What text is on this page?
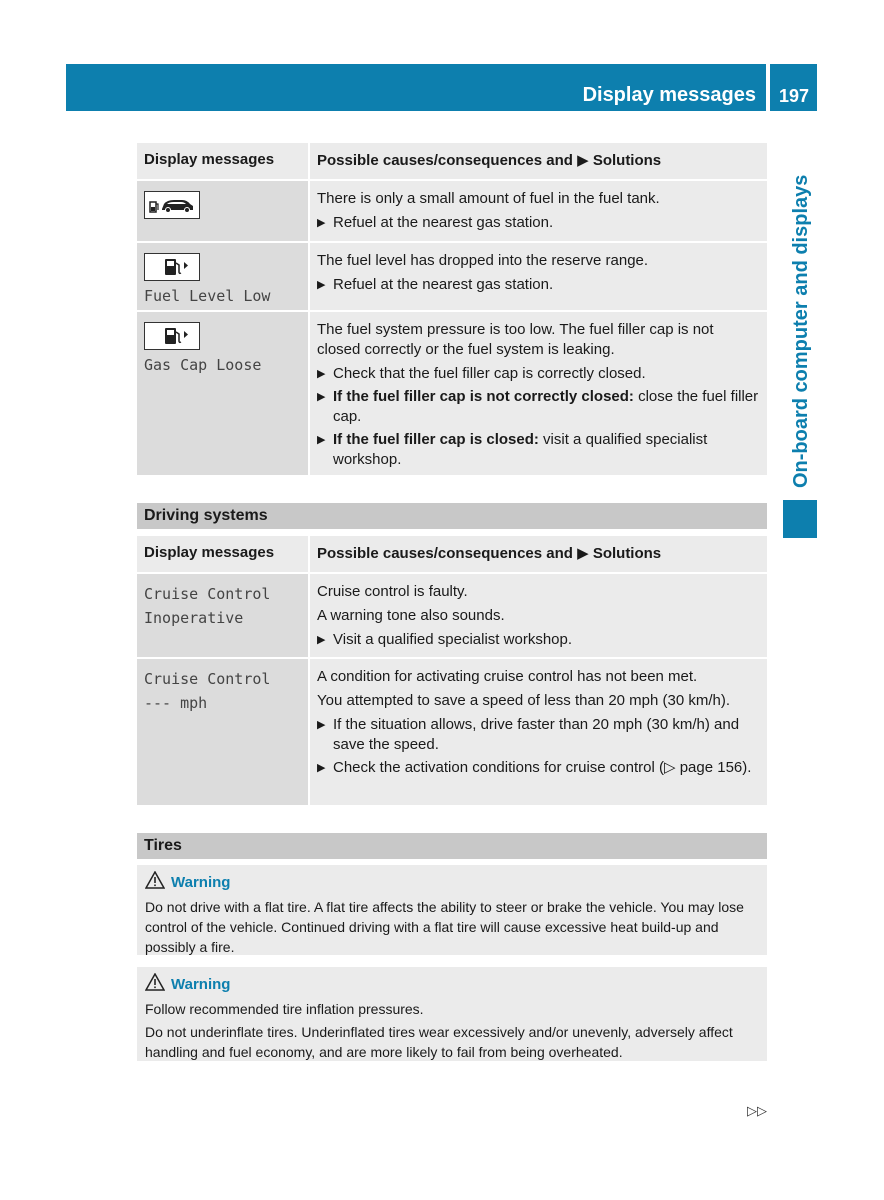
Display messages 197
On-board computer and displays
Display messages	Possible causes/consequences and ▶ Solutions

There is only a small amount of fuel in the fuel tank.

▶ Refuel at the nearest gas station.
Fuel Level Low

The fuel level has dropped into the reserve range.

▶ Refuel at the nearest gas station.
Gas Cap Loose

The fuel system pressure is too low. The fuel filler cap is not closed correctly or the fuel system is leaking.

▶ Check that the fuel filler cap is correctly closed.
▶ If the fuel filler cap is not correctly closed: close the fuel filler cap.
▶ If the fuel filler cap is closed: visit a qualified specialist workshop.
Driving systems
Display messages	Possible causes/consequences and ▶ Solutions
Cruise Control
Inoperative

Cruise control is faulty.

A warning tone also sounds.

▶ Visit a qualified specialist workshop.
Cruise Control
--- mph

A condition for activating cruise control has not been met.

You attempted to save a speed of less than 20 mph (30 km/h).

▶ If the situation allows, drive faster than 20 mph (30 km/h) and save the speed.
▶ Check the activation conditions for cruise control (▷ page 156).
Tires
Warning

Do not drive with a flat tire. A flat tire affects the ability to steer or brake the vehicle. You may lose control of the vehicle. Continued driving with a flat tire will cause excessive heat build-up and possibly a fire.

Warning

Follow recommended tire inflation pressures.

Do not underinflate tires. Underinflated tires wear excessively and/or unevenly, adversely affect handling and fuel economy, and are more likely to fail from being overheated.

▷▷
